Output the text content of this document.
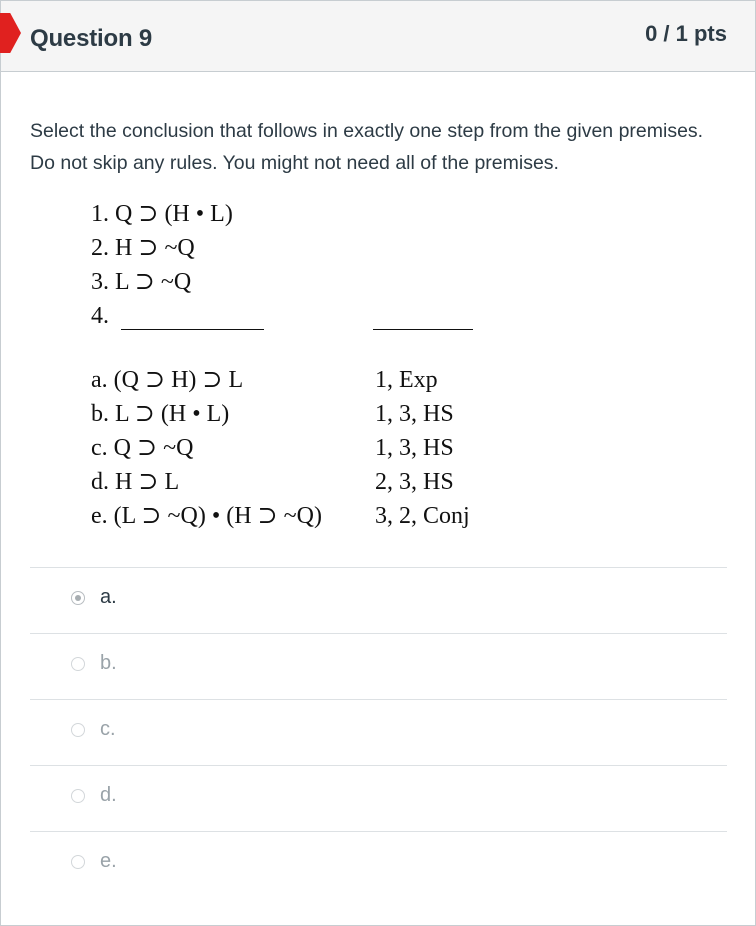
Question 9	0 / 1 pts
Select the conclusion that follows in exactly one step from the given premises. Do not skip any rules. You might not need all of the premises.
1. Q ⊃ (H • L)
2. H ⊃ ~Q
3. L ⊃ ~Q
4.
a. (Q ⊃ H) ⊃ L	1, Exp
b. L ⊃ (H • L)	1, 3, HS
c. Q ⊃ ~Q	1, 3, HS
d. H ⊃ L	2, 3, HS
e. (L ⊃ ~Q) • (H ⊃ ~Q) 3, 2, Conj
a.
b.
c.
d.
e.
